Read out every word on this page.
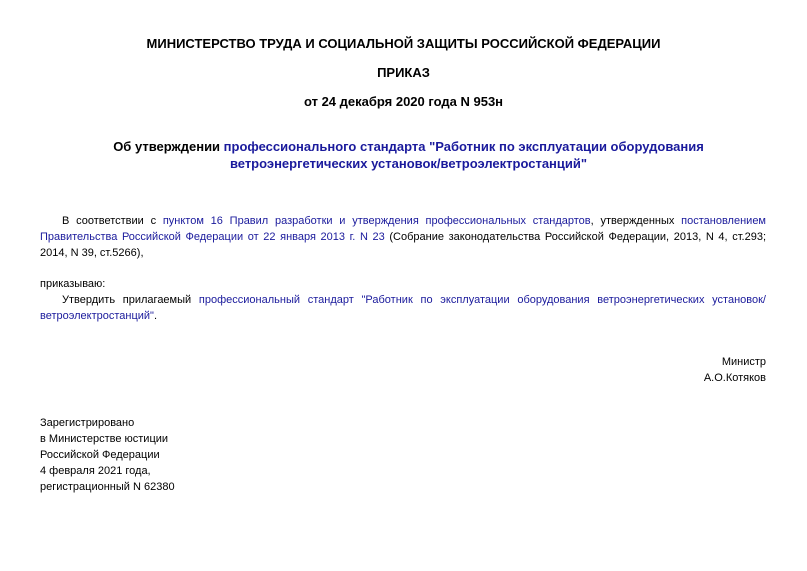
МИНИСТЕРСТВО ТРУДА И СОЦИАЛЬНОЙ ЗАЩИТЫ РОССИЙСКОЙ ФЕДЕРАЦИИ
ПРИКАЗ
от 24 декабря 2020 года N 953н
Об утверждении профессионального стандарта "Работник по эксплуатации оборудования ветроэнергетических установок/ветроэлектростанций"
В соответствии с пунктом 16 Правил разработки и утверждения профессиональных стандартов, утвержденных постановлением Правительства Российской Федерации от 22 января 2013 г. N 23 (Собрание законодательства Российской Федерации, 2013, N 4, ст.293; 2014, N 39, ст.5266),
приказываю:
Утвердить прилагаемый профессиональный стандарт "Работник по эксплуатации оборудования ветроэнергетических установок/ветроэлектростанций".
Министр
А.О.Котяков
Зарегистрировано
в Министерстве юстиции
Российской Федерации
4 февраля 2021 года,
регистрационный N 62380
